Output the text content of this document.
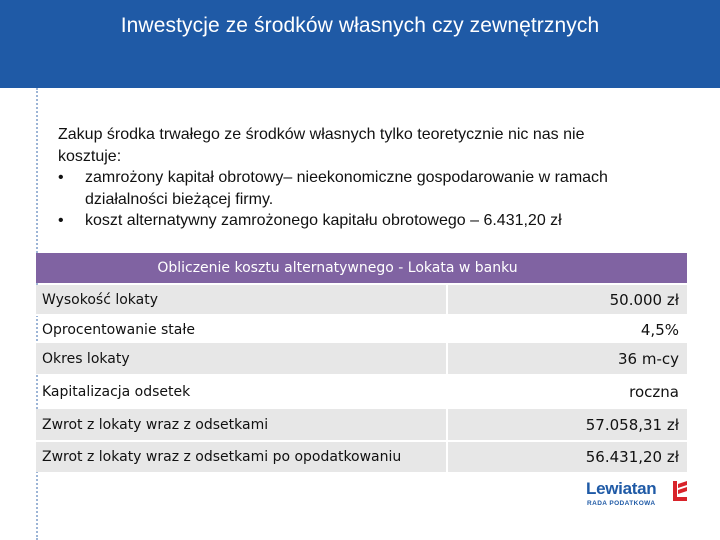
Inwestycje ze środków własnych czy zewnętrznych

Zakup środka trwałego ze środków własnych tylko teoretycznie nic nas nie

kosztuje:

• zamrożony kapitał obrotowy– nieekonomiczne gospodarowanie w ramach

działalności bieżącej firmy.

• koszt alternatywny zamrożonego kapitału obrotowego – 6.431,20 zł

Obliczenie kosztu alternatywnego - Lokata w banku
Wysokość lokaty	50.000 zł
Oprocentowanie stałe	4,5%
Okres lokaty	36 m-cy
Kapitalizacja odsetek	roczna
Zwrot z lokaty wraz z odsetkami	57.058,31 zł
Zwrot z lokaty wraz z odsetkami po opodatkowaniu	56.431,20 zł
Lewiatan
RADA PODATKOWA
